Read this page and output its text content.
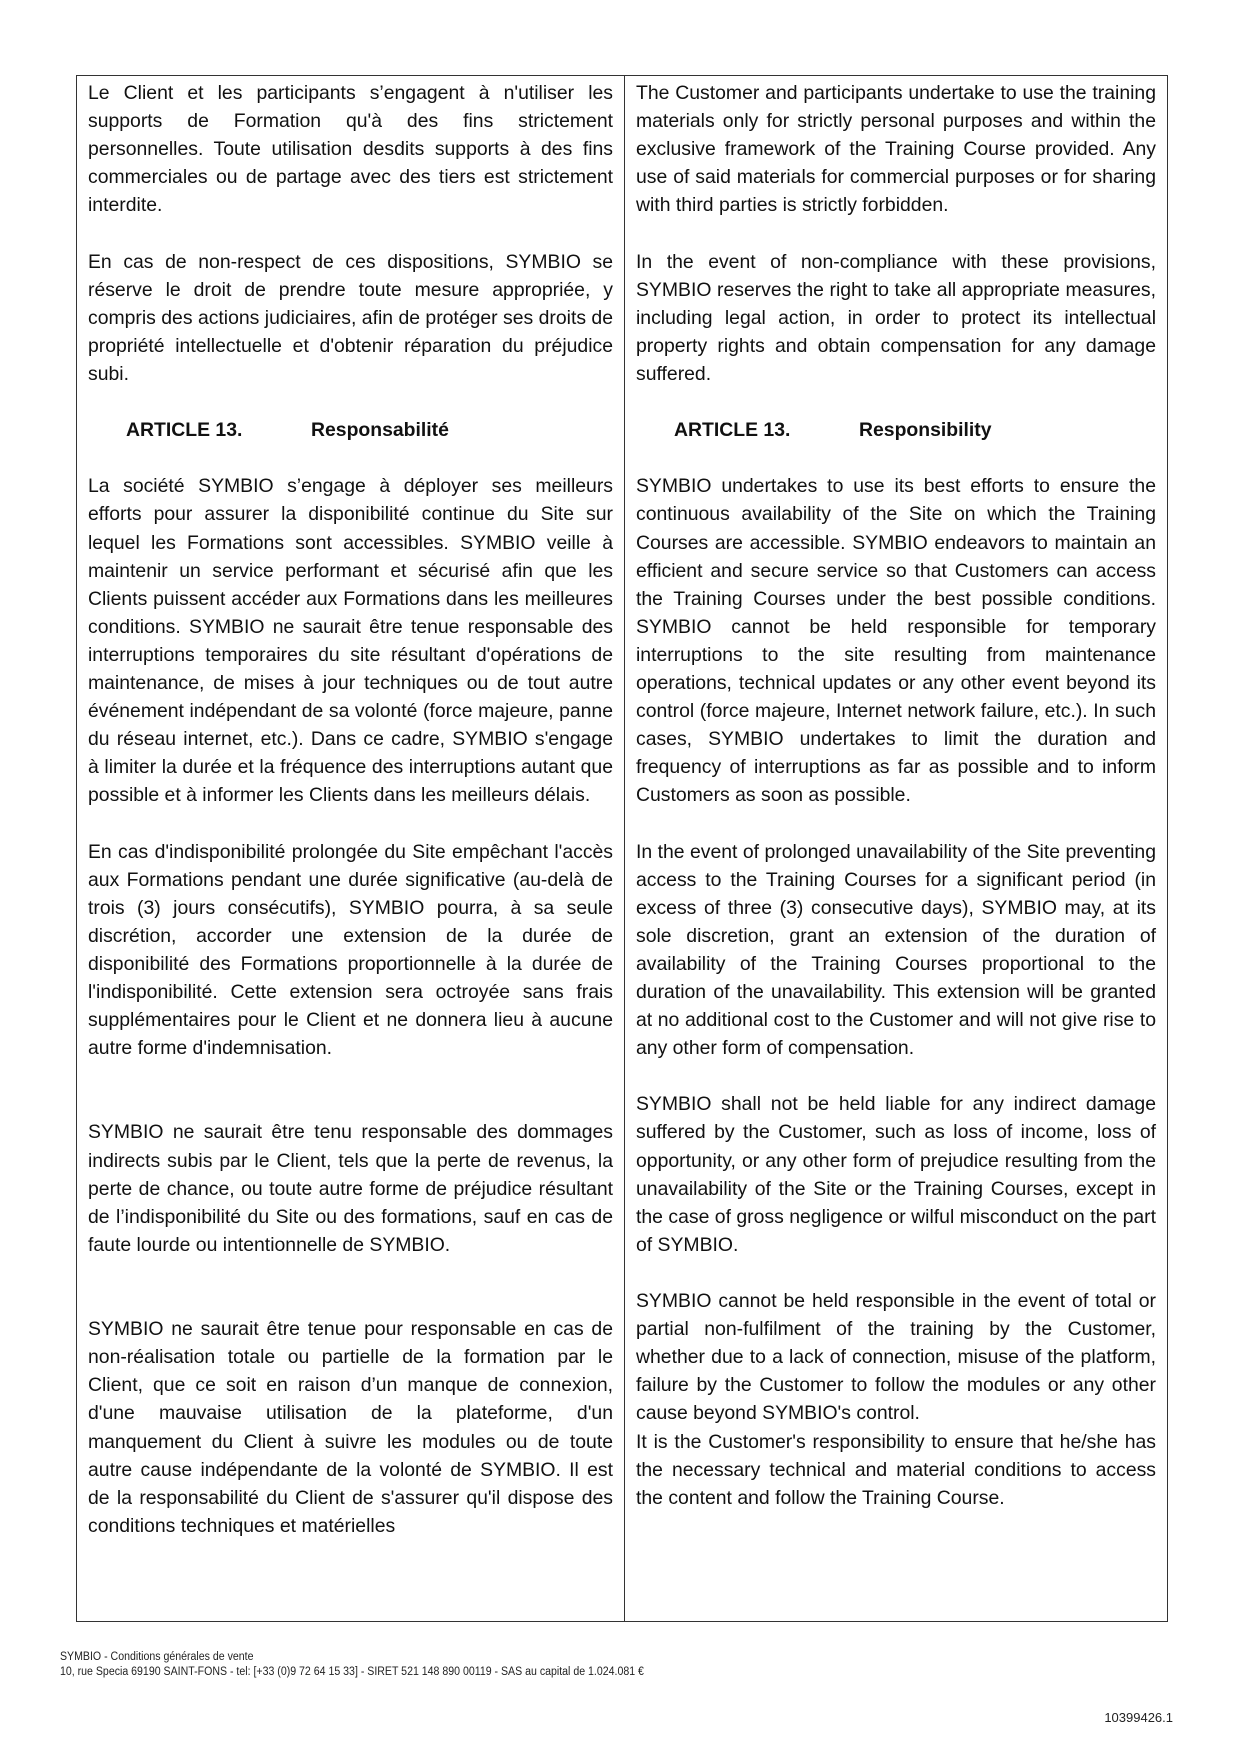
Le Client et les participants s’engagent à n'utiliser les supports de Formation qu'à des fins strictement personnelles. Toute utilisation desdits supports à des fins commerciales ou de partage avec des tiers est strictement interdite.
En cas de non-respect de ces dispositions, SYMBIO se réserve le droit de prendre toute mesure appropriée, y compris des actions judiciaires, afin de protéger ses droits de propriété intellectuelle et d'obtenir réparation du préjudice subi.
ARTICLE 13.	Responsabilité
La société SYMBIO s’engage à déployer ses meilleurs efforts pour assurer la disponibilité continue du Site sur lequel les Formations sont accessibles. SYMBIO veille à maintenir un service performant et sécurisé afin que les Clients puissent accéder aux Formations dans les meilleures conditions. SYMBIO ne saurait être tenue responsable des interruptions temporaires du site résultant d'opérations de maintenance, de mises à jour techniques ou de tout autre événement indépendant de sa volonté (force majeure, panne du réseau internet, etc.). Dans ce cadre, SYMBIO s'engage à limiter la durée et la fréquence des interruptions autant que possible et à informer les Clients dans les meilleurs délais.
En cas d'indisponibilité prolongée du Site empêchant l'accès aux Formations pendant une durée significative (au-delà de trois (3) jours consécutifs), SYMBIO pourra, à sa seule discrétion, accorder une extension de la durée de disponibilité des Formations proportionnelle à la durée de l'indisponibilité. Cette extension sera octroyée sans frais supplémentaires pour le Client et ne donnera lieu à aucune autre forme d'indemnisation.
SYMBIO ne saurait être tenu responsable des dommages indirects subis par le Client, tels que la perte de revenus, la perte de chance, ou toute autre forme de préjudice résultant de l’indisponibilité du Site ou des formations, sauf en cas de faute lourde ou intentionnelle de SYMBIO.
SYMBIO ne saurait être tenue pour responsable en cas de non-réalisation totale ou partielle de la formation par le Client, que ce soit en raison d’un manque de connexion, d'une mauvaise utilisation de la plateforme, d'un manquement du Client à suivre les modules ou de toute autre cause indépendante de la volonté de SYMBIO. Il est de la responsabilité du Client de s'assurer qu'il dispose des conditions techniques et matérielles
The Customer and participants undertake to use the training materials only for strictly personal purposes and within the exclusive framework of the Training Course provided. Any use of said materials for commercial purposes or for sharing with third parties is strictly forbidden.
In the event of non-compliance with these provisions, SYMBIO reserves the right to take all appropriate measures, including legal action, in order to protect its intellectual property rights and obtain compensation for any damage suffered.
ARTICLE 13.	Responsibility
SYMBIO undertakes to use its best efforts to ensure the continuous availability of the Site on which the Training Courses are accessible. SYMBIO endeavors to maintain an efficient and secure service so that Customers can access the Training Courses under the best possible conditions. SYMBIO cannot be held responsible for temporary interruptions to the site resulting from maintenance operations, technical updates or any other event beyond its control (force majeure, Internet network failure, etc.). In such cases, SYMBIO undertakes to limit the duration and frequency of interruptions as far as possible and to inform Customers as soon as possible.
In the event of prolonged unavailability of the Site preventing access to the Training Courses for a significant period (in excess of three (3) consecutive days), SYMBIO may, at its sole discretion, grant an extension of the duration of availability of the Training Courses proportional to the duration of the unavailability. This extension will be granted at no additional cost to the Customer and will not give rise to any other form of compensation.
SYMBIO shall not be held liable for any indirect damage suffered by the Customer, such as loss of income, loss of opportunity, or any other form of prejudice resulting from the unavailability of the Site or the Training Courses, except in the case of gross negligence or wilful misconduct on the part of SYMBIO.
SYMBIO cannot be held responsible in the event of total or partial non-fulfilment of the training by the Customer, whether due to a lack of connection, misuse of the platform, failure by the Customer to follow the modules or any other cause beyond SYMBIO's control.
It is the Customer's responsibility to ensure that he/she has the necessary technical and material conditions to access the content and follow the Training Course.
SYMBIO - Conditions générales de vente
10, rue Specia 69190 SAINT-FONS - tel: [+33 (0)9 72 64 15 33] - SIRET 521 148 890 00119 - SAS au capital de 1.024.081 €
10399426.1
